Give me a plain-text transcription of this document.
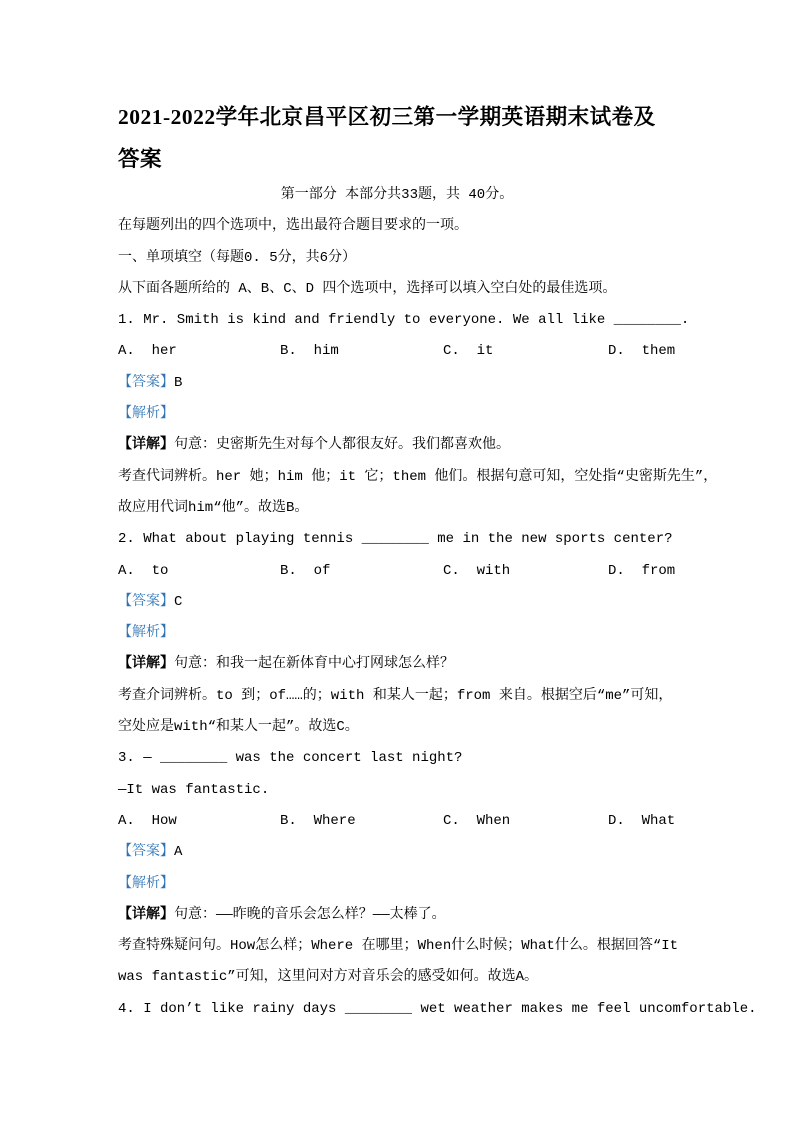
2021-2022学年北京昌平区初三第一学期英语期末试卷及答案

第一部分 本部分共33题，共 40分。

在每题列出的四个选项中，选出最符合题目要求的一项。

一、单项填空（每题0. 5分，共6分）

从下面各题所给的 A、B、C、D 四个选项中，选择可以填入空白处的最佳选项。

1. Mr. Smith is kind and friendly to everyone. We all like ________.

A.  her	B.  him	C.  it	D.  them

【答案】B

【解析】

【详解】句意：史密斯先生对每个人都很友好。我们都喜欢他。

考查代词辨析。her 她；him 他；it 它；them 他们。根据句意可知，空处指“史密斯先生”，

故应用代词him“他”。故选B。

2. What about playing tennis ________ me in the new sports center?

A.  to	B.  of	C.  with	D.  from

【答案】C

【解析】

【详解】句意：和我一起在新体育中心打网球怎么样？

考查介词辨析。to 到；of……的；with 和某人一起；from 来自。根据空后“me”可知，

空处应是with“和某人一起”。故选C。

3. — ________ was the concert last night?

—It was fantastic.

A.  How	B.  Where	C.  When	D.  What

【答案】A

【解析】

【详解】句意：——昨晚的音乐会怎么样？——太棒了。

考查特殊疑问句。How怎么样；Where 在哪里；When什么时候；What什么。根据回答“It

was fantastic”可知，这里问对方对音乐会的感受如何。故选A。

4. I don’t like rainy days ________ wet weather makes me feel uncomfortable.
